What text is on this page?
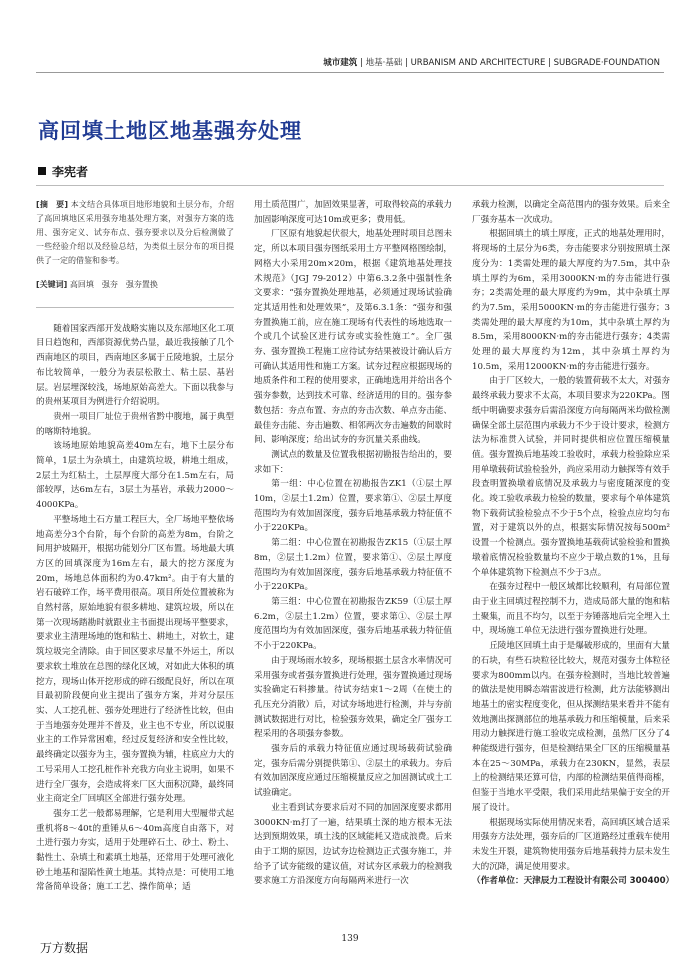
城市建筑 | 地基·基础 | URBANISM AND ARCHITECTURE | SUBGRADE·FOUNDATION
高回填土地区地基强夯处理
李宪者

[摘　要] 本文结合具体项目地形地貌和土层分布，介绍了高回填地区采用强夯地基处理方案，对强夯方案的选用、强夯定义、试夯布点、强夯要求以及分后检测做了一些经验介绍以及经验总结，为类似土层分布的项目提供了一定的借鉴和参考。

[关键词] 高回填　强夯　强夯置换

随着国家西部开发战略实施以及东部地区化工项目日趋饱和，西部资源优势凸显，最近我接触了几个西南地区的项目，西南地区多属于丘陵地貌，土层分布比较简单，一般分为表层松散土、粘土层、基岩层。岩层埋深较浅，场地原始高差大。下面以我参与的贵州某项目为例进行介绍说明。

贵州一项目厂址位于贵州省黔中腹地，属于典型的喀斯特地貌。

该场地原始地貌高差40m左右，地下土层分布简单，1层土为杂填土，由建筑垃圾，耕地土组成，2层土为红粘土，土层厚度大部分在1.5m左右，局部较厚，达6m左右，3层土为基岩，承载力2000～4000KPa。

平整场地土石方量工程巨大，全厂场地平整依场地高差分3个台阶，每个台阶的高差为8m，台阶之间用护坡隔开，根据功能划分厂区布置。场地最大填方区的回填深度为16m左右，最大的挖方深度为20m，场地总体面积约为0.47km²。由于有大量的岩石破碎工作，场平费用很高。项目所处位置被称为自然村落，原始地貌有很多耕地、建筑垃圾，所以在第一次现场踏勘时就跟业主书面提出现场平整要求，要求业主清理场地的饱和粘土、耕地土，对软土，建筑垃圾完全清除。由于回区要求尽量不外运土，所以要求软土堆放在总图的绿化区域，对如此大体积的填挖方，现场山体开挖形成的碎石级配良好，所以在项目最初阶段便向业主提出了强夯方案，并对分层压实、人工挖孔桩、强夯处理进行了经济性比较，但由于当地强夯处理并不普及，业主也不专业，所以说服业主的工作异常困难，经过反复经济和安全性比较，最终确定以强夯为主，强夯置换为辅，柱底应力大的工号采用人工挖孔桩作补充我方向业主说明，如果不进行全厂强夯，会造成将来厂区大面积沉降，最终同业主商定全厂回填区全部进行强夯处理。

强夯工艺一般都易理解，它是利用大型履带式起重机将8～40t的重锤从6～40m高度自由落下，对土进行强力夯实，适用于处理碎石土、砂土、粉土、黏性土、杂填土和素填土地基，还常用于处理可液化砂土地基和湿陷性黄土地基。其特点是：可使用工地常备简单设备；施工工艺、操作简单；适

用土质范围广，加固效果显著，可取得较高的承载力加固影响深度可达10m或更多；费用低。

厂区原有地貌起伏很大，地基处理时项目总图未定，所以本项目强夯图纸采用土方平整网格图绘制，网格大小采用20m×20m，根据《建筑地基处理技术规范》（JGJ 79-2012）中第6.3.2条中强制性条文要求：“强夯置换处理地基，必须通过现场试验确定其适用性和处理效果”，及第6.3.1条：“强夯和强夯置换施工前，应在施工现场有代表性的场地选取一个或几个试验区进行试夯或实验性施工”。全厂强夯、强夯置换工程施工应待试夯结果被设计确认后方可确认其适用性和施工方案。试夯过程应根据现场的地质条件和工程的使用要求，正确地选用并给出各个强夯参数，达到技术可靠、经济适用的目的。强夯参数包括：夯点布置、夯点的夯击次数、单点夯击能、最佳夯击能、夯击遍数、相邻两次夯击遍数的间歇时间、影响深度；给出试夯的夯沉量关系曲线。

测试点的数量及位置我根据初勘报告给出的，要求如下：

第一组：中心位置在初勘报告ZK1（①层土厚10m，②层土1.2m）位置，要求第①、②层土厚度范围均为有效加固深度，强夯后地基承载力特征值不小于220KPa。

第二组：中心位置在初勘报告ZK15（①层土厚8m，②层土1.2m）位置，要求第①、②层土厚度范围均为有效加固深度，强夯后地基承载力特征值不小于220KPa。

第三组：中心位置在初勘报告ZK59（①层土厚6.2m，②层土1.2m）位置，要求第①、②层土厚度范围均为有效加固深度，强夯后地基承载力特征值不小于220KPa。

由于现场雨水较多，现场根据土层含水率情况可采用强夯或者强夯置换进行处理，强夯置换通过现场实验确定石料掺量。待试夯结束1～2周（在使土的孔压充分消散）后，对试夯场地进行检测，并与夯前测试数据进行对比，检验强夯效果，确定全厂强夯工程采用的各项强夯参数。

强夯后的承载力特征值应通过现场载荷试验确定，强夯后需分别提供第①、②层土的承载力。夯后有效加固深度应通过压缩模量反应之加固测试或土工试验确定。

业主看到试夯要求后对不同的加固深度要求都用3000KN·m打了一遍，结果填土深的地方根本无法达到预期效果，填土浅的区域能耗又造成浪费。后来由于工期的原因，边试夯边检测边正式强夯施工，并给予了试夯能级的建议值，对试夯区承载力的检测我要求施工方沿深度方向每隔两米进行一次

承载力检测，以确定全高范围内的强夯效果。后来全厂强夯基本一次成功。

根据回填土的填土厚度，正式的地基处理用时，将现场的土层分为6类，夯击能要求分别按照填土深度分为：1类需处理的最大厚度约为7.5m，其中杂填土厚约为6m，采用3000KN·m的夯击能进行强夯；2类需处理的最大厚度约为9m，其中杂填土厚约为7.5m，采用5000KN·m的夯击能进行强夯；3类需处理的最大厚度约为10m，其中杂填土厚约为8.5m，采用8000KN·m的夯击能进行强夯；4类需处理的最大厚度约为12m，其中杂填土厚约为10.5m，采用12000KN·m的夯击能进行强夯。

由于厂区较大，一般的装置荷载不太大，对强夯最终承载力要求不太高，本项目要求为220KPa。图纸中明确要求强夯后需沿深度方向每隔两米均做检测确保全部土层范围内承载力不少于设计要求，检测方法为标准贯入试验，并同时提供相应位置压缩模量值。强夯置换后地基竣工验收时，承载力检验除应采用单墩载荷试验检验外，尚应采用动力触探等有效手段查明置换墩着底情况及承载力与密度随深度的变化。竣工验收承载力检验的数量，要求每个单体建筑物下载荷试验检验点不少于5个点，检验点应均匀布置，对于建筑以外的点，根据实际情况按每500m²设置一个检测点。强夯置换地基载荷试验检验和置换墩着底情况检验数量均不应少于墩点数的1%，且每个单体建筑物下检测点不少于3点。

在强夯过程中一般区域都比较顺利，有局部位置由于业主回填过程控制不力，造成局部大量的饱和粘土聚集，而且不均匀，以至于夯锤落地后完全埋入土中，现场施工单位无法进行强夯置换进行处理。

丘陵地区回填土由于是爆破形成的，里面有大量的石块，有些石块粒径比较大，规范对强夯土体粒径要求为800mm以内。在强夯检测时，当地比较普遍的做法是使用瞬态端雷波进行检测，此方法能够测出地基土的密实程度变化，但从探测结果来看并不能有效地测出探测部位的地基承载力和压缩模量，后来采用动力触探进行施工验收完成检测，虽然厂区分了4种能级进行强夯，但是检测结果全厂区的压缩模量基本在25～30MPa，承载力在230KN，显然，表层上的检测结果还算可信，内部的检测结果值得商榷，但鉴于当地水平受限，我们采用此结果偏于安全的开展了设计。

根据现场实际使用情况来看，高回填区域合适采用强夯方法处理，强夯后的厂区道路经过重载车使用未发生开裂，建筑物使用强夯后地基载持力层未发生大的沉降，满足使用要求。

（作者单位：天津辰力工程设计有限公司 300400）

139
万方数据
